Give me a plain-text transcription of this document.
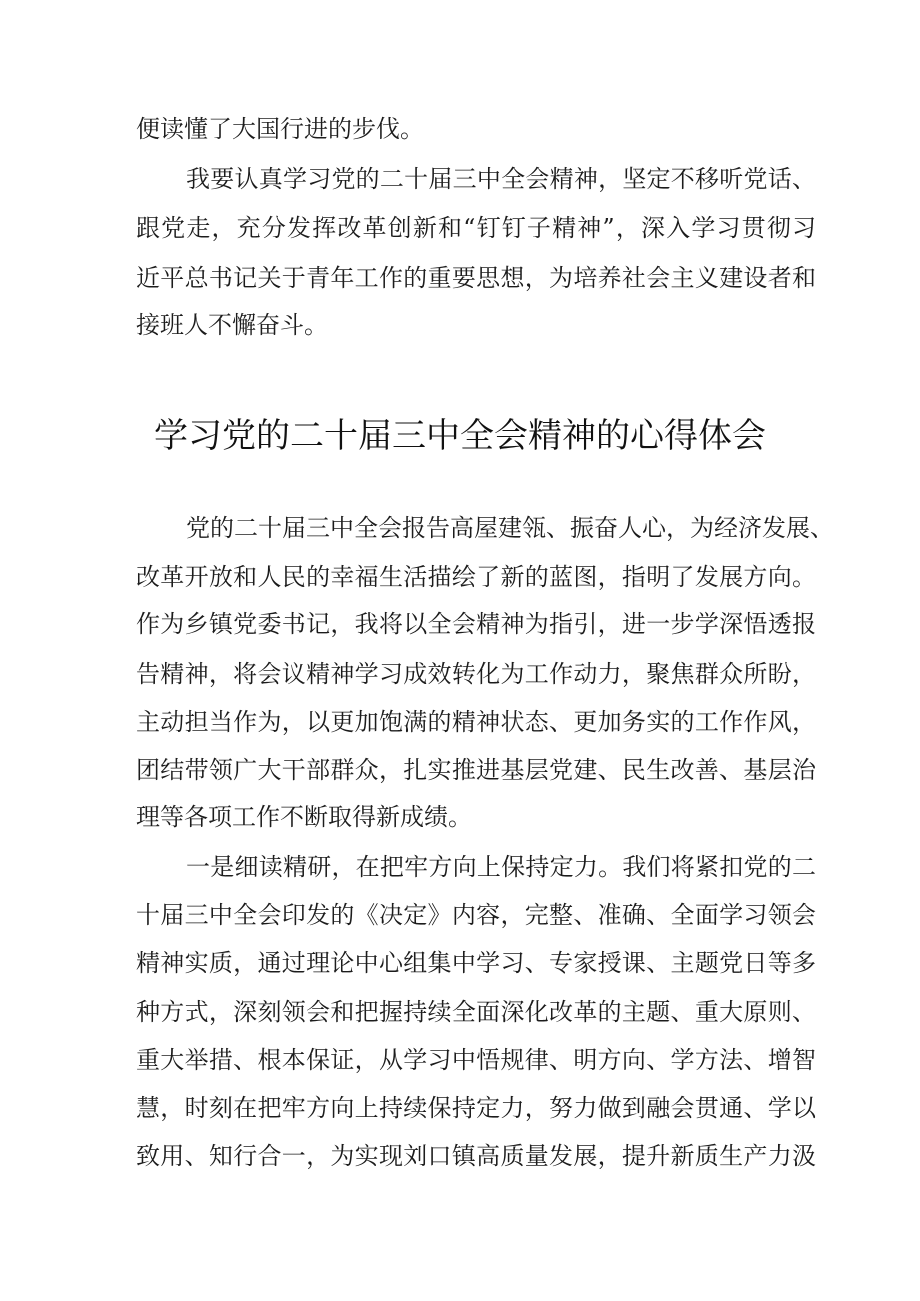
便读懂了大国行进的步伐。
我要认真学习党的二十届三中全会精神，坚定不移听党话、
跟党走，充分发挥改革创新和“钉钉子精神”，深入学习贯彻习
近平总书记关于青年工作的重要思想，为培养社会主义建设者和
接班人不懈奋斗。
学习党的二十届三中全会精神的心得体会
党的二十届三中全会报告高屋建瓴、振奋人心，为经济发展、
改革开放和人民的幸福生活描绘了新的蓝图，指明了发展方向。
作为乡镇党委书记，我将以全会精神为指引，进一步学深悟透报
告精神，将会议精神学习成效转化为工作动力，聚焦群众所盼，
主动担当作为，以更加饱满的精神状态、更加务实的工作作风，
团结带领广大干部群众，扎实推进基层党建、民生改善、基层治
理等各项工作不断取得新成绩。
一是细读精研，在把牢方向上保持定力。我们将紧扣党的二
十届三中全会印发的《决定》内容，完整、准确、全面学习领会
精神实质，通过理论中心组集中学习、专家授课、主题党日等多
种方式，深刻领会和把握持续全面深化改革的主题、重大原则、
重大举措、根本保证，从学习中悟规律、明方向、学方法、增智
慧，时刻在把牢方向上持续保持定力，努力做到融会贯通、学以
致用、知行合一，为实现刘口镇高质量发展，提升新质生产力汲
